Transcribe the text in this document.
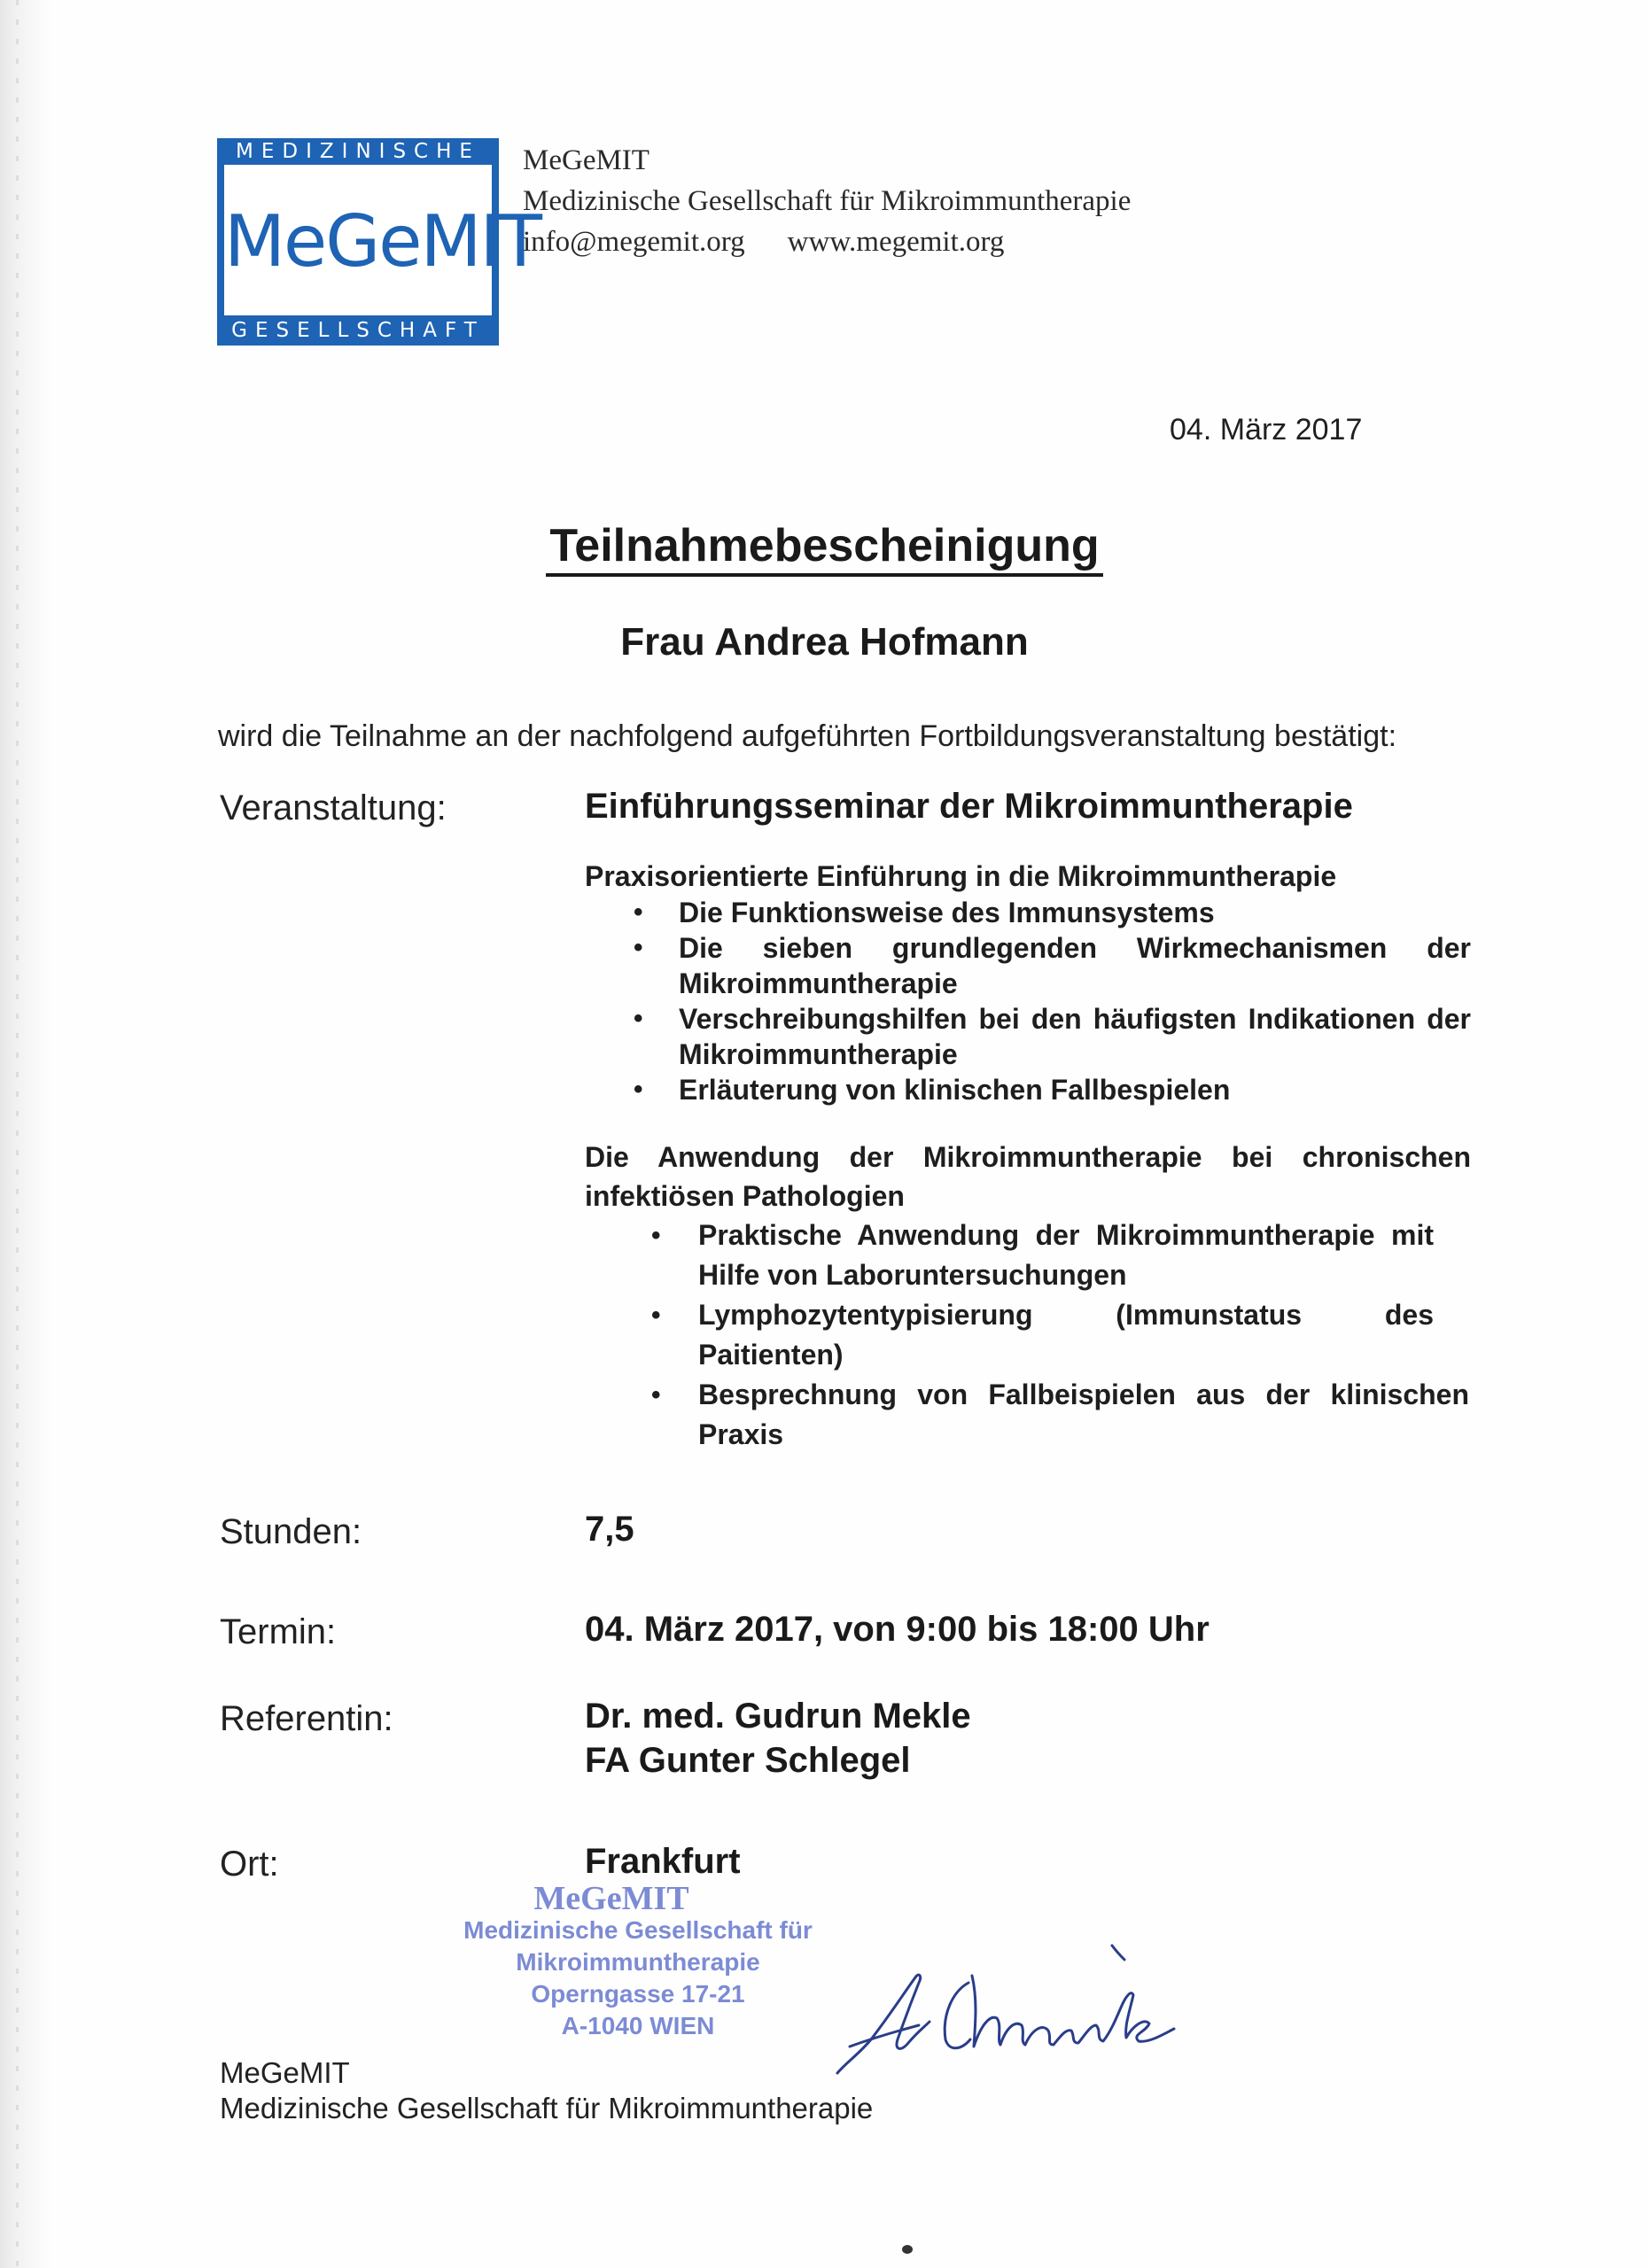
MEDIZINISCHE
MeGeMIT
GESELLSCHAFT
MeGeMIT
Medizinische Gesellschaft für Mikroimmuntherapie
info@megemit.org www.megemit.org
04. März 2017
Teilnahmebescheinigung
Frau Andrea Hofmann
wird die Teilnahme an der nachfolgend aufgeführten Fortbildungsveranstaltung bestätigt:
Veranstaltung:	Einführungsseminar der Mikroimmuntherapie
Praxisorientierte Einführung in die Mikroimmuntherapie
• Die Funktionsweise des Immunsystems
• Die sieben grundlegenden Wirkmechanismen der Mikroimmuntherapie
• Verschreibungshilfen bei den häufigsten Indikationen der Mikroimmuntherapie
• Erläuterung von klinischen Fallbespielen
Die Anwendung der Mikroimmuntherapie bei chronischen infektiösen Pathologien
• Praktische Anwendung der Mikroimmuntherapie mit Hilfe von Laboruntersuchungen
• Lymphozytentypisierung (Immunstatus des Paitienten)
• Besprechnung von Fallbeispielen aus der klinischen Praxis
Stunden:	7,5
Termin:	04. März 2017, von 9:00 bis 18:00 Uhr
Referentin:	Dr. med. Gudrun Mekle
FA Gunter Schlegel
Ort:	Frankfurt
MeGeMIT
Medizinische Gesellschaft für
Mikroimmuntherapie
Operngasse 17-21
A-1040 WIEN
MeGeMIT
Medizinische Gesellschaft für Mikroimmuntherapie
